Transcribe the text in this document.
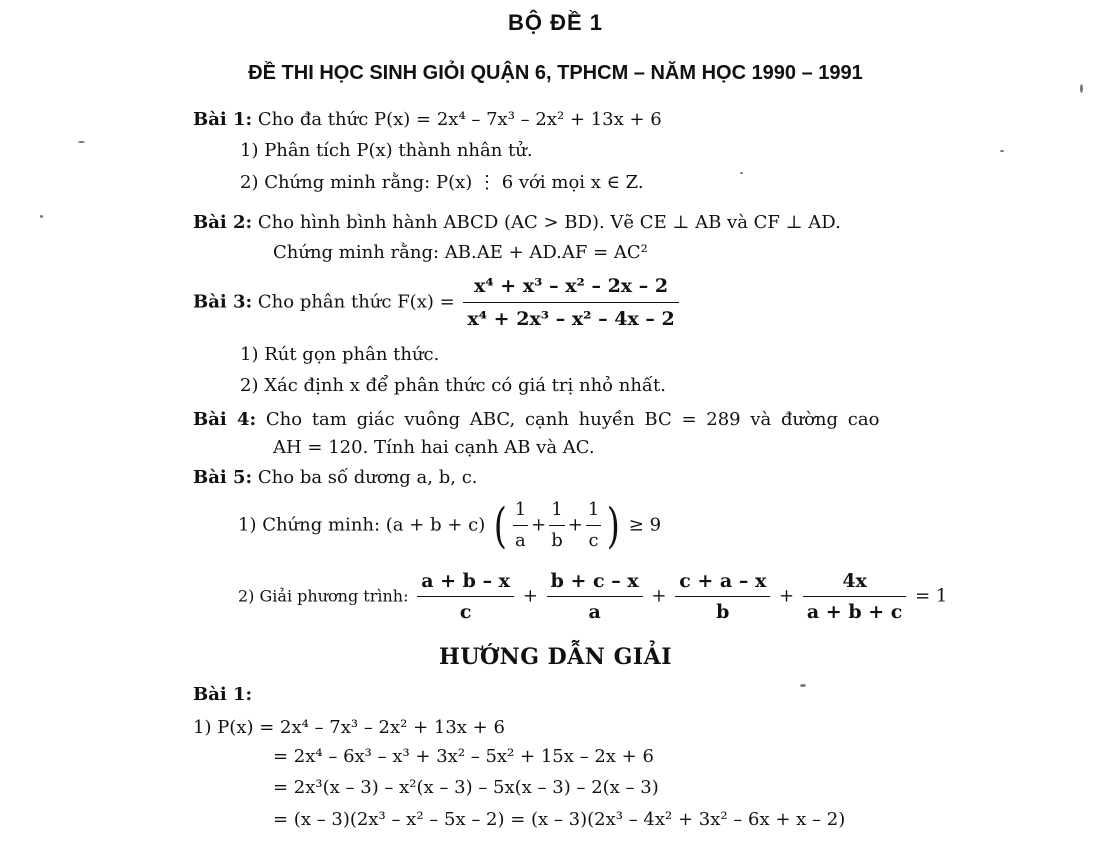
BỘ ĐỀ 1
ĐỀ THI HỌC SINH GIỎI QUẬN 6, TPHCM – NĂM HỌC 1990 – 1991
Bài 1: Cho đa thức P(x) = 2x⁴ – 7x³ – 2x² + 13x + 6
1) Phân tích P(x) thành nhân tử.
2) Chứng minh rằng: P(x) ⋮ 6 với mọi x ∈ Z.
Bài 2: Cho hình bình hành ABCD (AC > BD). Vẽ CE ⊥ AB và CF ⊥ AD.
Chứng minh rằng: AB.AE + AD.AF = AC²
Bài 3: Cho phân thức $F(x) = \frac{\text{x⁴ + x³ – x² – 2x – 2}}{\text{x⁴ + 2x³ – x² – 4x – 2}}$
1) Rút gọn phân thức.
2) Xác định x để phân thức có giá trị nhỏ nhất.
Bài 4: Cho tam giác vuông ABC, cạnh huyền BC = 289 và đường cao
AH = 120. Tính hai cạnh AB và AC.
Bài 5: Cho ba số dương a, b, c.
1) Chứng minh: (a + b + c) ( $\frac{1}{a} + \frac{1}{b} + \frac{1}{c}$ ) ≥ 9
2) Giải phương trình: $\frac{a + b - x}{c} + \frac{b + c - x}{a} + \frac{c + a - x}{b} + \frac{4x}{a + b + c} = 1$
HƯỚNG DẪN GIẢI
Bài 1:
1) P(x) = 2x⁴ – 7x³ – 2x² + 13x + 6
= 2x⁴ – 6x³ – x³ + 3x² – 5x² + 15x – 2x + 6
= 2x³(x – 3) – x²(x – 3) – 5x(x – 3) – 2(x – 3)
= (x – 3)(2x³ – x² – 5x – 2) = (x – 3)(2x³ – 4x² + 3x² – 6x + x – 2)
